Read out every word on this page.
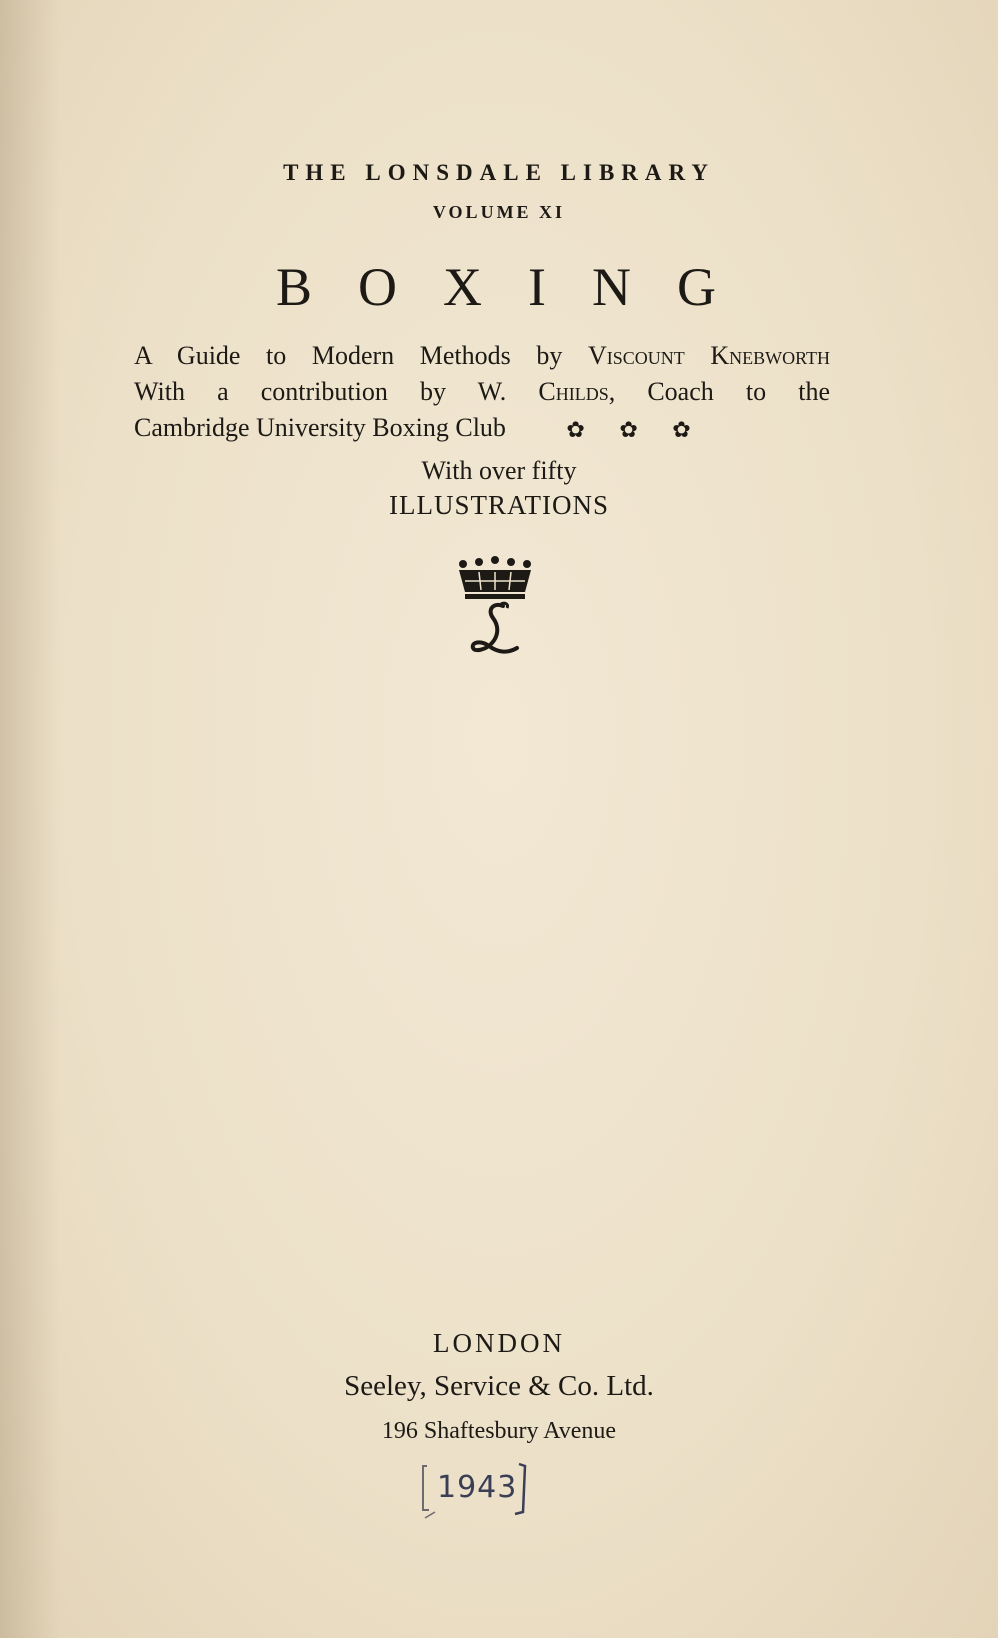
THE LONSDALE LIBRARY
VOLUME XI
BOXING
A Guide to Modern Methods by Viscount Knebworth
With a contribution by W. Childs, Coach to the
Cambridge University Boxing Club	✿ ✿ ✿
With over fifty
ILLUSTRATIONS
LONDON
Seeley, Service & Co. Ltd.
196 Shaftesbury Avenue
1943
